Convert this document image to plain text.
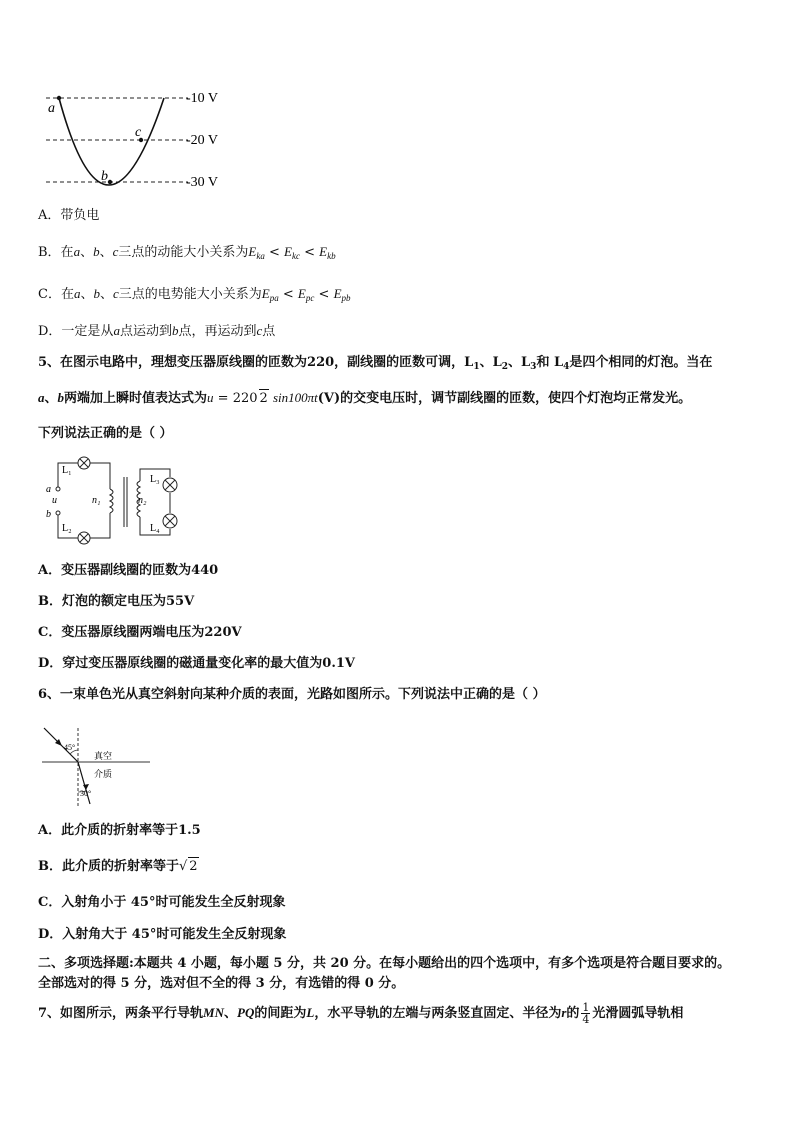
a
b
c
-10 V
-20 V
-30 V
A．带负电
B．在a、b、c三点的动能大小关系为$E_{ka} < E_{kc} < E_{kb}$
C．在a、b、c三点的电势能大小关系为$E_{pa} < E_{pc} < E_{pb}$
D．一定是从a点运动到b点，再运动到c点
5、在图示电路中，理想变压器原线圈的匝数为220，副线圈的匝数可调，$L_1$、$L_2$、$L_3$和 $L_4$是四个相同的灯泡。当在
a、b两端加上瞬时值表达式为u = 220 2 sin100πt(V)的交变电压时，调节副线圈的匝数，使四个灯泡均正常发光。
下列说法正确的是（ ）
L₁
L₂
L₃
L₄
a
u
b
n₁	n₂
A．变压器副线圈的匝数为440
B．灯泡的额定电压为55V
C．变压器原线圈两端电压为220V
D．穿过变压器原线圈的磁通量变化率的最大值为0.1V
6、一束单色光从真空斜射向某种介质的表面，光路如图所示。下列说法中正确的是（ ）
45°
30°
真空
介质
A．此介质的折射率等于1.5
B．此介质的折射率等于√ 2
C．入射角小于 45°时可能发生全反射现象
D．入射角大于 45°时可能发生全反射现象
二、多项选择题:本题共 4 小题，每小题 5 分，共 20 分。在每小题给出的四个选项中，有多个选项是符合题目要求的。
全部选对的得 5 分，选对但不全的得 3 分，有选错的得 0 分。
7、如图所示，两条平行导轨MN、PQ的间距为L，水平导轨的左端与两条竖直固定、半径为r的 $\frac{1}{4}$ 光滑圆弧导轨相
